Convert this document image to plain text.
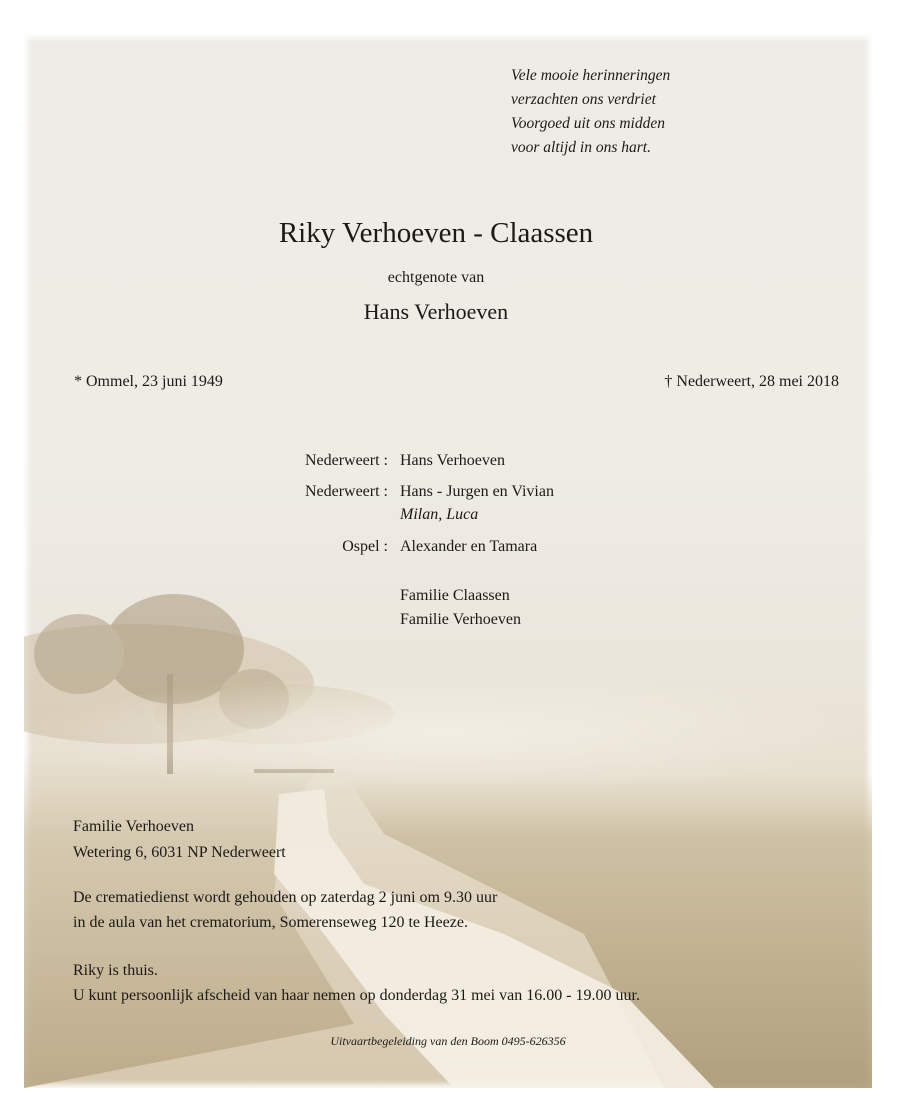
Vele mooie herinneringen
verzachten ons verdriet
Voorgoed uit ons midden
voor altijd in ons hart.
Riky Verhoeven - Claassen
echtgenote van
Hans Verhoeven
* Ommel, 23 juni 1949	† Nederweert, 28 mei 2018
Nederweert : Hans Verhoeven
Nederweert : Hans - Jurgen en Vivian
Milan, Luca
Ospel : Alexander en Tamara
Familie Claassen
Familie Verhoeven
Familie Verhoeven
Wetering 6, 6031 NP Nederweert
De crematiedienst wordt gehouden op zaterdag 2 juni om 9.30 uur
in de aula van het crematorium, Somerenseweg 120 te Heeze.
Riky is thuis.
U kunt persoonlijk afscheid van haar nemen op donderdag 31 mei van 16.00 - 19.00 uur.
Uitvaartbegeleiding van den Boom 0495-626356
